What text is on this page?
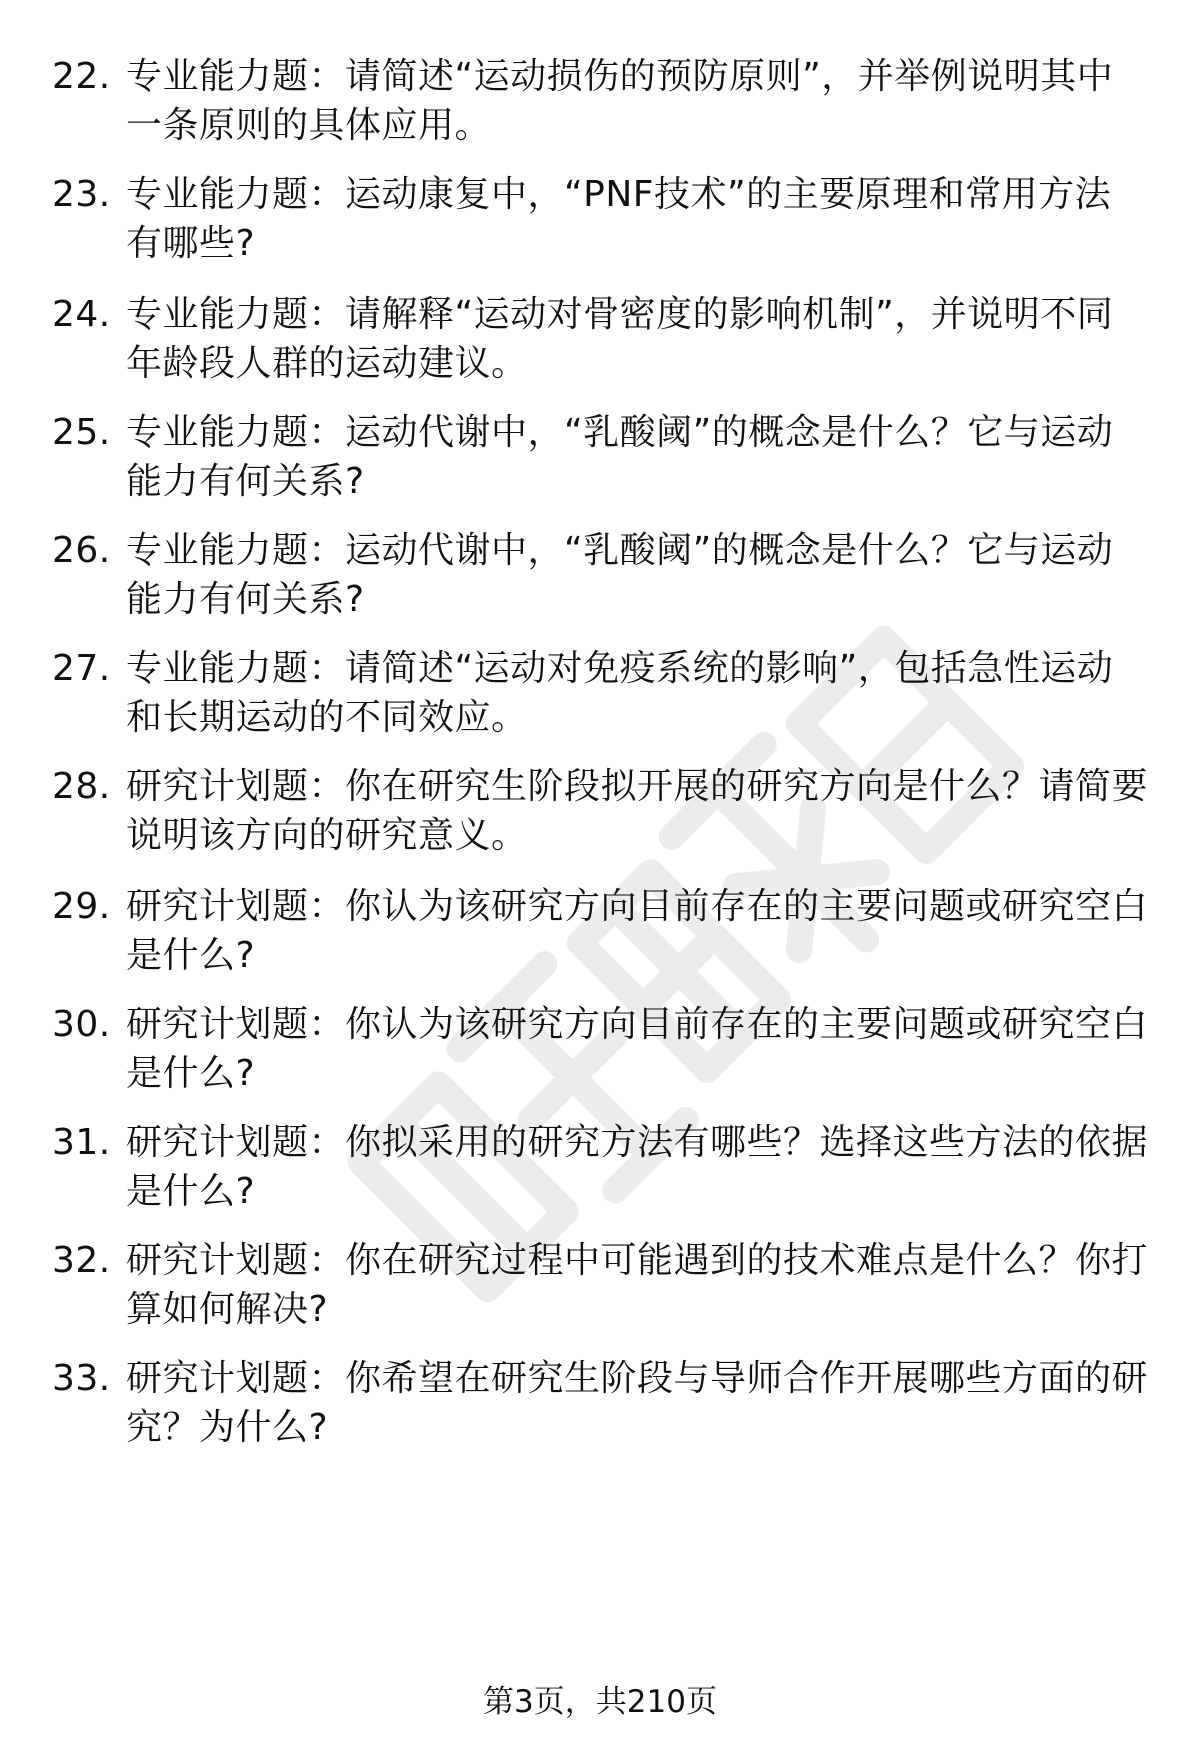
22. 专业能力题：请简述“运动损伤的预防原则”，并举例说明其中
一条原则的具体应用。
23. 专业能力题：运动康复中，“PNF技术”的主要原理和常用方法
有哪些?
24. 专业能力题：请解释“运动对骨密度的影响机制”，并说明不同
年龄段人群的运动建议。
25. 专业能力题：运动代谢中，“乳酸阈”的概念是什么？它与运动
能力有何关系?
26. 专业能力题：运动代谢中，“乳酸阈”的概念是什么？它与运动
能力有何关系?
27. 专业能力题：请简述“运动对免疫系统的影响”，包括急性运动
和长期运动的不同效应。
28. 研究计划题：你在研究生阶段拟开展的研究方向是什么？请简要
说明该方向的研究意义。
29. 研究计划题：你认为该研究方向目前存在的主要问题或研究空白
是什么?
30. 研究计划题：你认为该研究方向目前存在的主要问题或研究空白
是什么?
31. 研究计划题：你拟采用的研究方法有哪些？选择这些方法的依据
是什么?
32. 研究计划题：你在研究过程中可能遇到的技术难点是什么？你打
算如何解决?
33. 研究计划题：你希望在研究生阶段与导师合作开展哪些方面的研
究？为什么?
第3页，共210页
